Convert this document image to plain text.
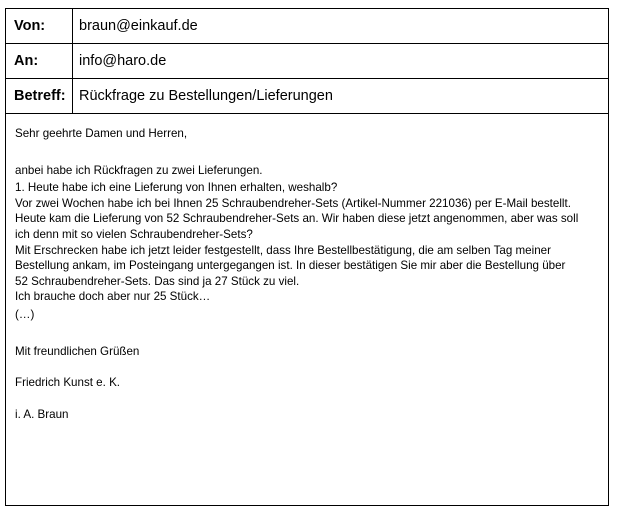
Von:	braun@einkauf.de
An:	info@haro.de
Betreff:	Rückfrage zu Bestellungen/Lieferungen

Sehr geehrte Damen und Herren,

anbei habe ich Rückfragen zu zwei Lieferungen.

1. Heute habe ich eine Lieferung von Ihnen erhalten, weshalb?

Vor zwei Wochen habe ich bei Ihnen 25 Schraubendreher-Sets (Artikel-Nummer 221036) per E-Mail bestellt.

Heute kam die Lieferung von 52 Schraubendreher-Sets an. Wir haben diese jetzt angenommen, aber was soll

ich denn mit so vielen Schraubendreher-Sets?

Mit Erschrecken habe ich jetzt leider festgestellt, dass Ihre Bestellbestätigung, die am selben Tag meiner

Bestellung ankam, im Posteingang untergegangen ist. In dieser bestätigen Sie mir aber die Bestellung über

52 Schraubendreher-Sets. Das sind ja 27 Stück zu viel.

Ich brauche doch aber nur 25 Stück…

(…)

Mit freundlichen Grüßen

Friedrich Kunst e. K.

i. A. Braun
